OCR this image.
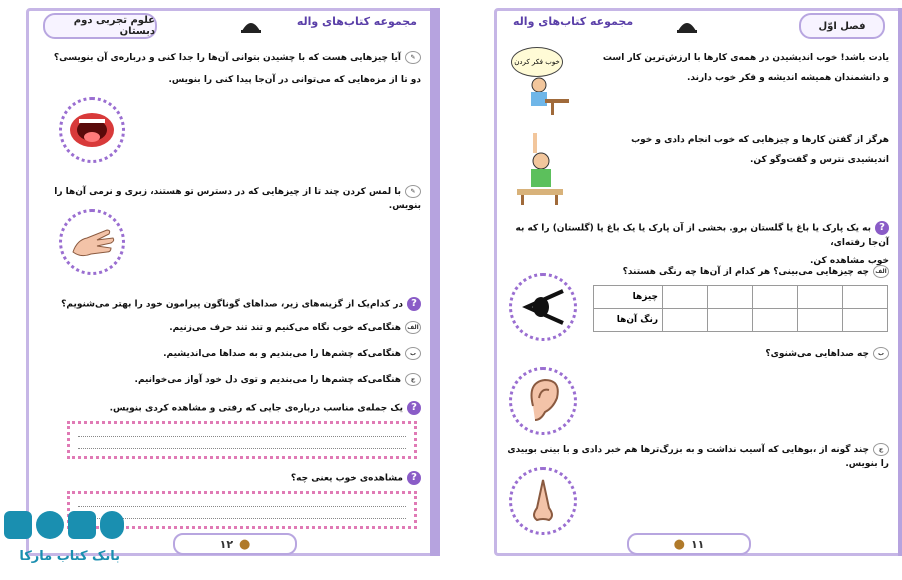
علوم تجربی دوم دبستان
مجموعه کتاب‌های واله
✎آیا چیزهایی هست که با چشیدن بتوانی آن‌ها را جدا کنی و درباره‌ی آن بنویسی؟
دو تا از مزه‌هایی که می‌توانی در آن‌جا پیدا کنی را بنویس.
✎با لمس کردن چند تا از چیزهایی که در دسترس تو هستند، زبری و نرمی آن‌ها را بنویس.
?در کدام‌یک از گزینه‌های زیر، صداهای گوناگون پیرامون خود را بهتر می‌شنویم؟
الفهنگامی‌که خوب نگاه می‌کنیم و تند تند حرف می‌زنیم.
بهنگامی‌که چشم‌ها را می‌بندیم و به صداها می‌اندیشیم.
جهنگامی‌که چشم‌ها را می‌بندیم و توی دل خود آواز می‌خوانیم.
?یک جمله‌ی مناسب درباره‌ی جایی که رفتی و مشاهده کردی بنویس.
?مشاهده‌ی خوب یعنی چه؟
۱۲ ●
مجموعه کتاب‌های واله	فصل اوّل
خوب فکر کردن	یادت باشد! خوب اندیشیدن در همه‌ی کارها با ارزش‌ترین کار است
و دانشمندان همیشه اندیشه و فکر خوب دارند.
هرگز از گفتن کارها و چیزهایی که خوب انجام دادی و خوب
اندیشیدی نترس و گفت‌وگو کن.
?به یک پارک یا باغ یا گلستان برو. بخشی از آن پارک یا یک باغ یا (گلستان) را که به آن‌جا رفته‌ای،
خوب مشاهده کن.
الفچه چیزهایی می‌بینی؟ هر کدام از آن‌ها چه رنگی هستند؟
					چیزها
					رنگ آن‌ها
بچه صداهایی می‌شنوی؟
جچند گونه از ،بوهایی که آسیب نداشت و به بزرگ‌ترها هم خبر دادی و با بینی بوییدی را بنویس.
● ۱۱
بانک کتاب مارکا
